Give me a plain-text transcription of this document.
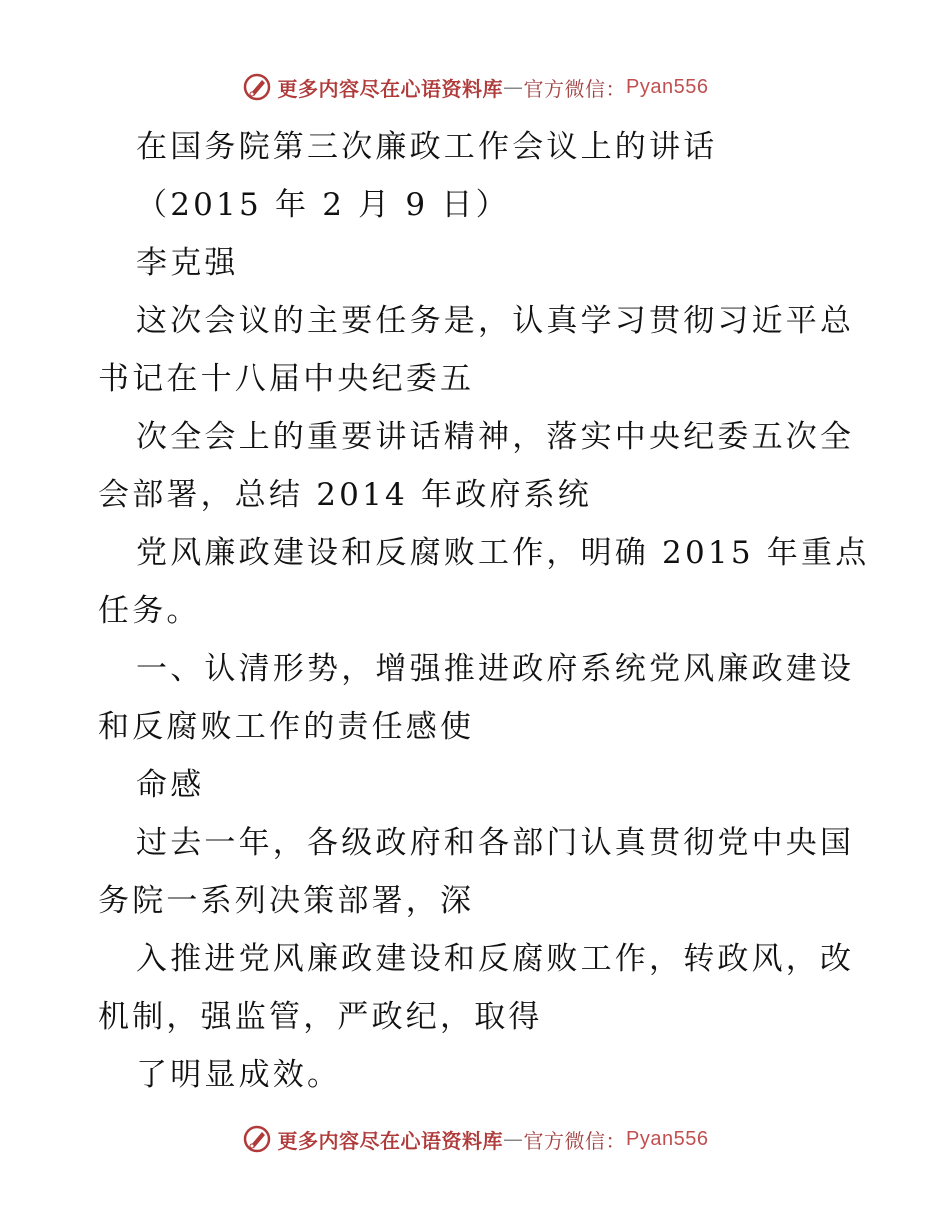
更多内容尽在心语资料库 — 官方微信： Pyan556
在国务院第三次廉政工作会议上的讲话
（2015 年 2 月 9 日）
李克强
这次会议的主要任务是，认真学习贯彻习近平总
书记在十八届中央纪委五
次全会上的重要讲话精神，落实中央纪委五次全
会部署，总结 2014 年政府系统
党风廉政建设和反腐败工作，明确 2015 年重点
任务。
一、认清形势，增强推进政府系统党风廉政建设
和反腐败工作的责任感使
命感
过去一年，各级政府和各部门认真贯彻党中央国
务院一系列决策部署，深
入推进党风廉政建设和反腐败工作，转政风，改
机制，强监管，严政纪，取得
了明显成效。
更多内容尽在心语资料库 — 官方微信： Pyan556
